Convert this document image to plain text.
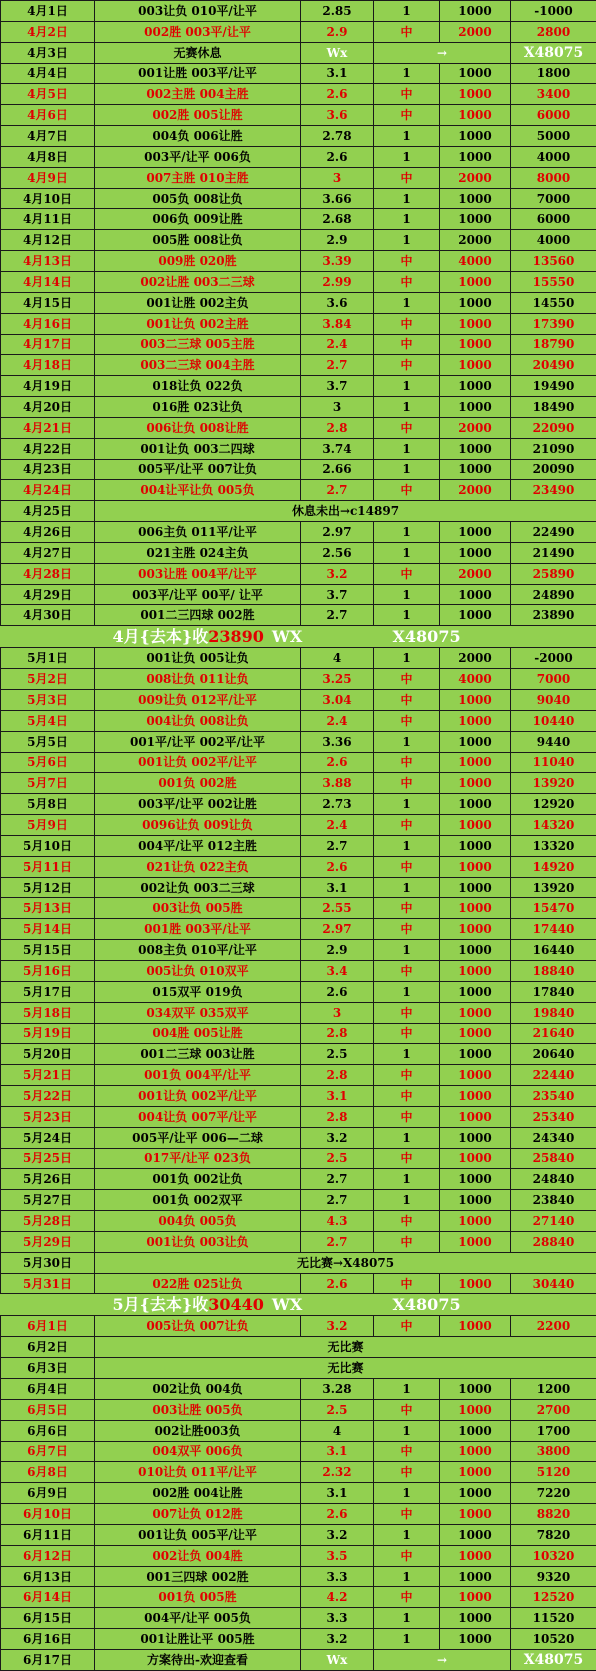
4月1日	003让负 010平/让平	2.85	1	1000	-1000
4月2日	002胜 003平/让平	2.9	中	2000	2800
4月3日	无赛休息	Wx	→		X48075
4月4日	001让胜 003平/让平	3.1	1	1000	1800
4月5日	002主胜 004主胜	2.6	中	1000	3400
4月6日	002胜 005让胜	3.6	中	1000	6000
4月7日	004负 006让胜	2.78	1	1000	5000
4月8日	003平/让平 006负	2.6	1	1000	4000
4月9日	007主胜 010主胜	3	中	2000	8000
4月10日	005负 008让负	3.66	1	1000	7000
4月11日	006负 009让胜	2.68	1	1000	6000
4月12日	005胜 008让负	2.9	1	2000	4000
4月13日	009胜 020胜	3.39	中	4000	13560
4月14日	002让胜 003二三球	2.99	中	1000	15550
4月15日	001让胜 002主负	3.6	1	1000	14550
4月16日	001让负 002主胜	3.84	中	1000	17390
4月17日	003二三球 005主胜	2.4	中	1000	18790
4月18日	003二三球 004主胜	2.7	中	1000	20490
4月19日	018让负 022负	3.7	1	1000	19490
4月20日	016胜 023让负	3	1	1000	18490
4月21日	006让负 008让胜	2.8	中	2000	22090
4月22日	001让负 003二四球	3.74	1	1000	21090
4月23日	005平/让平 007让负	2.66	1	1000	20090
4月24日	004让平让负 005负	2.7	中	2000	23490
4月25日	休息未出→c14897				
4月26日	006主负 011平/让平	2.97	1	1000	22490
4月27日	021主胜 024主负	2.56	1	1000	21490
4月28日	003让胜 004平/让平	3.2	中	2000	25890
4月29日	003平/让平 00平/ 让平	3.7	1	1000	24890
4月30日	001二三四球 002胜	2.7	1	1000	23890

4月{去本}收23890 WX X48075					

5月1日	001让负 005让负	4	1	2000	-2000
5月2日	008让负 011让负	3.25	中	4000	7000
5月3日	009让负 012平/让平	3.04	中	1000	9040
5月4日	004让负 008让负	2.4	中	1000	10440
5月5日	001平/让平 002平/让平	3.36	1	1000	9440
5月6日	001让负 002平/让平	2.6	中	1000	11040
5月7日	001负 002胜	3.88	中	1000	13920
5月8日	003平/让平 002让胜	2.73	1	1000	12920
5月9日	0096让负 009让负	2.4	中	1000	14320
5月10日	004平/让平 012主胜	2.7	1	1000	13320
5月11日	021让负 022主负	2.6	中	1000	14920
5月12日	002让负 003二三球	3.1	1	1000	13920
5月13日	003让负 005胜	2.55	中	1000	15470
5月14日	001胜 003平/让平	2.97	中	1000	17440
5月15日	008主负 010平/让平	2.9	1	1000	16440
5月16日	005让负 010双平	3.4	中	1000	18840
5月17日	015双平 019负	2.6	1	1000	17840
5月18日	034双平 035双平	3	中	1000	19840
5月19日	004胜 005让胜	2.8	中	1000	21640
5月20日	001二三球 003让胜	2.5	1	1000	20640
5月21日	001负 004平/让平	2.8	中	1000	22440
5月22日	001让负 002平/让平	3.1	中	1000	23540
5月23日	004让负 007平/让平	2.8	中	1000	25340
5月24日	005平/让平 006—二球	3.2	1	1000	24340
5月25日	017平/让平 023负	2.5	中	1000	25840
5月26日	001负 002让负	2.7	1	1000	24840
5月27日	001负 002双平	2.7	1	1000	23840
5月28日	004负 005负	4.3	中	1000	27140
5月29日	001让负 003让负	2.7	中	1000	28840
5月30日	无比赛→X48075				
5月31日	022胜 025让负	2.6	中	1000	30440

5月{去本}收30440 WX X48075					

6月1日	005让负 007让负	3.2	中	1000	2200
6月2日	无比赛				
6月3日	无比赛				
6月4日	002让负 004负	3.28	1	1000	1200
6月5日	003让胜 005负	2.5	中	1000	2700
6月6日	002让胜003负	4	1	1000	1700
6月7日	004双平 006负	3.1	中	1000	3800
6月8日	010让负 011平/让平	2.32	中	1000	5120
6月9日	002胜 004让胜	3.1	1	1000	7220
6月10日	007让负 012胜	2.6	中	1000	8820
6月11日	001让负 005平/让平	3.2	1	1000	7820
6月12日	002让负 004胜	3.5	中	1000	10320
6月13日	001三四球 002胜	3.3	1	1000	9320
6月14日	001负 005胜	4.2	中	1000	12520
6月15日	004平/让平 005负	3.3	1	1000	11520
6月16日	001让胜让平 005胜	3.2	1	1000	10520
6月17日	方案待出-欢迎查看	Wx	→		X48075
